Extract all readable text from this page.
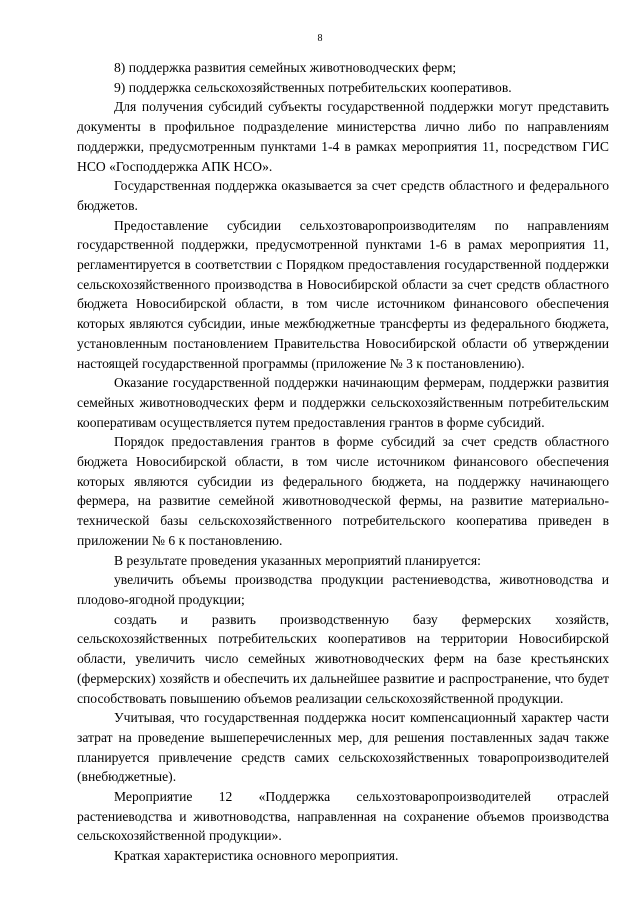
8

8) поддержка развития семейных животноводческих ферм;

9) поддержка сельскохозяйственных потребительских кооперативов.

Для получения субсидий субъекты государственной поддержки могут представить документы в профильное подразделение министерства лично либо по направлениям поддержки, предусмотренным пунктами 1-4 в рамках мероприятия 11, посредством ГИС НСО «Господдержка АПК НСО».

Государственная поддержка оказывается за счет средств областного и федерального бюджетов.

Предоставление субсидии сельхозтоваропроизводителям по направлениям государственной поддержки, предусмотренной пунктами 1-6 в рамах мероприятия 11, регламентируется в соответствии с Порядком предоставления государственной поддержки сельскохозяйственного производства в Новосибирской области за счет средств областного бюджета Новосибирской области, в том числе источником финансового обеспечения которых являются субсидии, иные межбюджетные трансферты из федерального бюджета, установленным постановлением Правительства Новосибирской области об утверждении настоящей государственной программы (приложение № 3 к постановлению).

Оказание государственной поддержки начинающим фермерам, поддержки развития семейных животноводческих ферм и поддержки сельскохозяйственным потребительским кооперативам осуществляется путем предоставления грантов в форме субсидий.

Порядок предоставления грантов в форме субсидий за счет средств областного бюджета Новосибирской области, в том числе источником финансового обеспечения которых являются субсидии из федерального бюджета, на поддержку начинающего фермера, на развитие семейной животноводческой фермы, на развитие материально-технической базы сельскохозяйственного потребительского кооператива приведен в приложении № 6 к постановлению.

В результате проведения указанных мероприятий планируется:

увеличить объемы производства продукции растениеводства, животноводства и плодово-ягодной продукции;

создать и развить производственную базу фермерских хозяйств, сельскохозяйственных потребительских кооперативов на территории Новосибирской области, увеличить число семейных животноводческих ферм на базе крестьянских (фермерских) хозяйств и обеспечить их дальнейшее развитие и распространение, что будет способствовать повышению объемов реализации сельскохозяйственной продукции.

Учитывая, что государственная поддержка носит компенсационный характер части затрат на проведение вышеперечисленных мер, для решения поставленных задач также планируется привлечение средств самих сельскохозяйственных товаропроизводителей (внебюджетные).

Мероприятие 12 «Поддержка сельхозтоваропроизводителей отраслей растениеводства и животноводства, направленная на сохранение объемов производства сельскохозяйственной продукции».

Краткая характеристика основного мероприятия.
